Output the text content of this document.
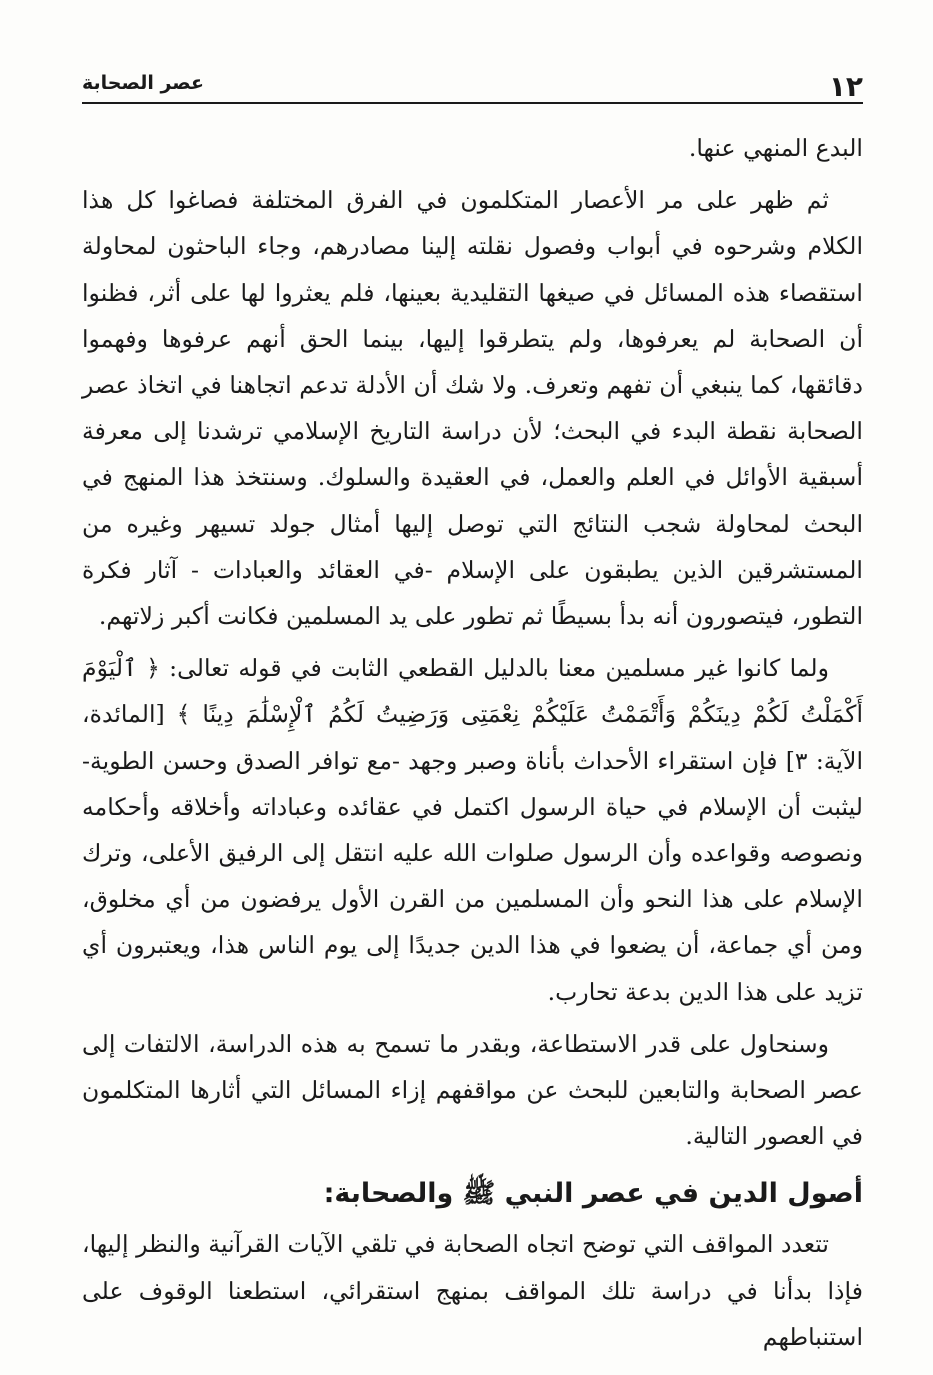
١٢
عصر الصحابة

البدع المنهي عنها.

ثم ظهر على مر الأعصار المتكلمون في الفرق المختلفة فصاغوا كل هذا الكلام وشرحوه في أبواب وفصول نقلته إلينا مصادرهم، وجاء الباحثون لمحاولة استقصاء هذه المسائل في صيغها التقليدية بعينها، فلم يعثروا لها على أثر، فظنوا أن الصحابة لم يعرفوها، ولم يتطرقوا إليها، بينما الحق أنهم عرفوها وفهموا دقائقها، كما ينبغي أن تفهم وتعرف. ولا شك أن الأدلة تدعم اتجاهنا في اتخاذ عصر الصحابة نقطة البدء في البحث؛ لأن دراسة التاريخ الإسلامي ترشدنا إلى معرفة أسبقية الأوائل في العلم والعمل، في العقيدة والسلوك. وسنتخذ هذا المنهج في البحث لمحاولة شجب النتائج التي توصل إليها أمثال جولد تسيهر وغيره من المستشرقين الذين يطبقون على الإسلام -في العقائد والعبادات - آثار فكرة التطور، فيتصورون أنه بدأ بسيطًا ثم تطور على يد المسلمين فكانت أكبر زلاتهم.

ولما كانوا غير مسلمين معنا بالدليل القطعي الثابت في قوله تعالى: ﴿ ٱلْيَوْمَ أَكْمَلْتُ لَكُمْ دِينَكُمْ وَأَتْمَمْتُ عَلَيْكُمْ نِعْمَتِى وَرَضِيتُ لَكُمُ ٱلْإِسْلَٰمَ دِينًا ﴾ [المائدة، الآية: ٣] فإن استقراء الأحداث بأناة وصبر وجهد -مع توافر الصدق وحسن الطوية- ليثبت أن الإسلام في حياة الرسول اكتمل في عقائده وعباداته وأخلاقه وأحكامه ونصوصه وقواعده وأن الرسول صلوات الله عليه انتقل إلى الرفيق الأعلى، وترك الإسلام على هذا النحو وأن المسلمين من القرن الأول يرفضون من أي مخلوق، ومن أي جماعة، أن يضعوا في هذا الدين جديدًا إلى يوم الناس هذا، ويعتبرون أي تزيد على هذا الدين بدعة تحارب.

وسنحاول على قدر الاستطاعة، وبقدر ما تسمح به هذه الدراسة، الالتفات إلى عصر الصحابة والتابعين للبحث عن مواقفهم إزاء المسائل التي أثارها المتكلمون في العصور التالية.

أصول الدين في عصر النبي ﷺ والصحابة:

تتعدد المواقف التي توضح اتجاه الصحابة في تلقي الآيات القرآنية والنظر إليها، فإذا بدأنا في دراسة تلك المواقف بمنهج استقرائي، استطعنا الوقوف على استنباطهم
